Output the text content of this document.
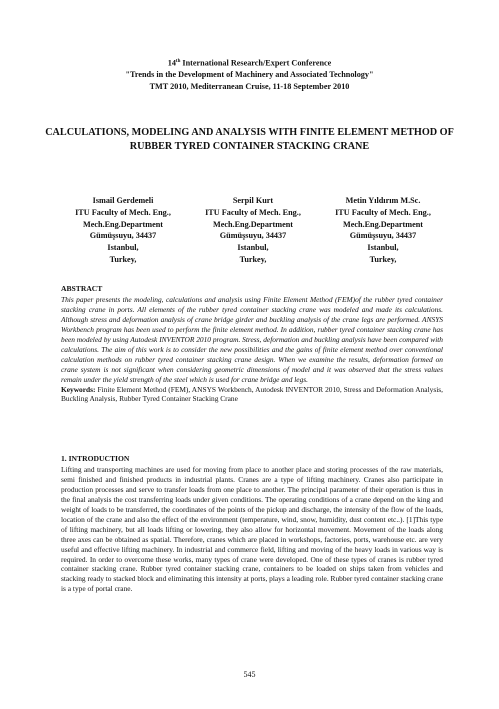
14th International Research/Expert Conference
"Trends in the Development of Machinery and Associated Technology"
TMT 2010, Mediterranean Cruise, 11-18 September 2010
CALCULATIONS, MODELING AND ANALYSIS WITH FINITE ELEMENT METHOD OF RUBBER TYRED CONTAINER STACKING CRANE
Ismail Gerdemeli
ITU Faculty of Mech. Eng.,
Mech.Eng.Department
Gümüşsuyu, 34437
Istanbul,
Turkey,
Serpil Kurt
ITU Faculty of Mech. Eng.,
Mech.Eng.Department
Gümüşsuyu, 34437
Istanbul,
Turkey,
Metin Yıldırım M.Sc.
ITU Faculty of Mech. Eng.,
Mech.Eng.Department
Gümüşsuyu, 34437
Istanbul,
Turkey,
ABSTRACT
This paper presents the modeling, calculations and analysis using Finite Element Method (FEM)of the rubber tyred container stacking crane in ports. All elements of the rubber tyred container stacking crane was modeled and made its calculations. Although stress and deformation analysis of crane bridge girder and buckling analysis of the crane legs are performed. ANSYS Workbench program has been used to perform the finite element method. In addition, rubber tyred container stacking crane has been modeled by using Autodesk INVENTOR 2010 program. Stress, deformation and buckling analysis have been compared with calculations. The aim of this work is to consider the new possibilities and the gains of finite element method over conventional calculation methods on rubber tyred container stacking crane design. When we examine the results, deformation formed on crane system is not significant when considering geometric dimensions of model and it was observed that the stress values remain under the yield strength of the steel which is used for crane bridge and legs.
Keywords: Finite Element Method (FEM), ANSYS Workbench, Autodesk INVENTOR 2010, Stress and Deformation Analysis, Buckling Analysis, Rubber Tyred Container Stacking Crane
1. INTRODUCTION
Lifting and transporting machines are used for moving from place to another place and storing processes of the raw materials, semi finished and finished products in industrial plants. Cranes are a type of lifting machinery. Cranes also participate in production processes and serve to transfer loads from one place to another. The principal parameter of their operation is thus in the final analysis the cost transferring loads under given conditions. The operating conditions of a crane depend on the king and weight of loads to be transferred, the coordinates of the points of the pickup and discharge, the intensity of the flow of the loads, location of the crane and also the effect of the environment (temperature, wind, snow, humidity, dust content etc..). [1]This type of lifting machinery, but all loads lifting or lowering, they also allow for horizontal movement. Movement of the loads along three axes can be obtained as spatial. Therefore, cranes which are placed in workshops, factories, ports, warehouse etc. are very useful and effective lifting machinery. In industrial and commerce field, lifting and moving of the heavy loads in various way is required. In order to overcome these works, many types of crane were developed. One of these types of cranes is rubber tyred container stacking crane. Rubber tyred container stacking crane, containers to be loaded on ships taken from vehicles and stacking ready to stacked block and eliminating this intensity at ports, plays a leading role. Rubber tyred container stacking crane is a type of portal crane.
545
